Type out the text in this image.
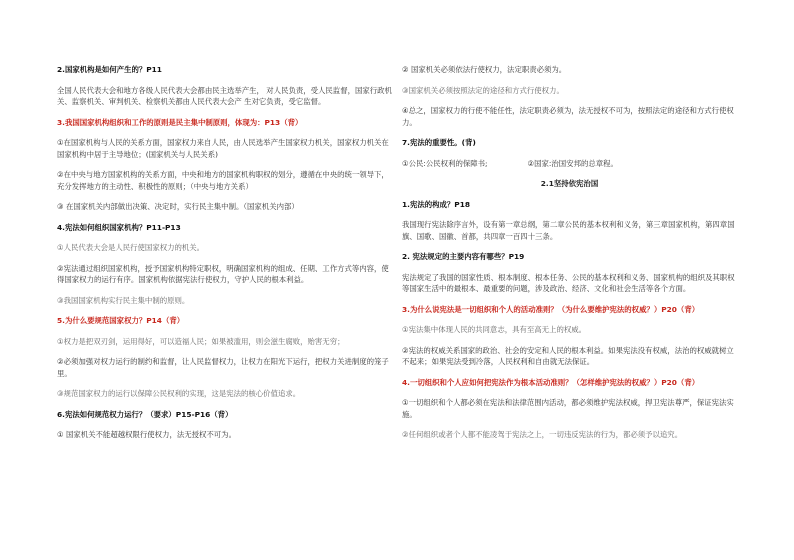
2.国家机构是如何产生的？P11
全国人民代表大会和地方各级人民代表大会都由民主选举产生， 对人民负责，受人民监督，国家行政机关、监察机关、审判机关、检察机关都由人民代表大会产 生对它负责，受它监督。
3.我国国家机构组织和工作的原则是民主集中制原则，体现为：P13（背）
①在国家机构与人民的关系方面，国家权力来自人民，由人民选举产生国家权力机关，国家权力机关在国家机构中居于主导地位；(国家机关与人民关系)
②在中央与地方国家机构的关系方面，中央和地方的国家机构职权的划分，遵循在中央的统一领导下，充分发挥地方的主动性、积极性的原则；（中央与地方关系）
③ 在国家机关内部做出决策、决定时，实行民主集中制。（国家机关内部）
4.宪法如何组织国家机构？P11-P13
①人民代表大会是人民行使国家权力的机关。
②宪法通过组织国家机构，授予国家机构特定职权，明确国家机构的组成、任期、工作方式等内容，使得国家权力的运行有序。国家机构依据宪法行使权力，守护人民的根本利益。
③我国国家机构实行民主集中制的原则。
5.为什么要规范国家权力？P14（背）
①权力是把双刃剑，运用得好，可以造福人民；如果被滥用，则会滋生腐败，贻害无穷；
②必须加强对权力运行的制约和监督，让人民监督权力，让权力在阳光下运行，把权力关进制度的笼子里。
③规范国家权力的运行以保障公民权利的实现，这是宪法的核心价值追求。
6.宪法如何规范权力运行？（要求）P15-P16（背）
① 国家机关不能超越权限行使权力，法无授权不可为。
② 国家机关必须依法行使权力，法定职责必须为。
③国家机关必须按照法定的途径和方式行使权力。
④总之，国家权力的行使不能任性，法定职责必须为，法无授权不可为，按照法定的途径和方式行使权力。
7.宪法的重要性。(背)
①公民:公民权利的保障书;	②国家:治国安邦的总章程。
2.1坚持依宪治国
1.宪法的构成？P18
我国现行宪法除序言外，设有第一章总纲，第二章公民的基本权利和义务，第三章国家机构，第四章国旗、国歌、国徽、首都，共四章一百四十三条。
2. 宪法规定的主要内容有哪些？P19
宪法规定了我国的国家性质、根本制度、根本任务、公民的基本权利和义务、国家机构的组织及其职权等国家生活中的最根本、最重要的问题，涉及政治、经济、文化和社会生活等各个方面。
3.为什么说宪法是一切组织和个人的活动准则？（为什么要维护宪法的权威？）P20（背）
①宪法集中体现人民的共同意志，具有至高无上的权威。
②宪法的权威关系国家的政治、社会的安定和人民的根本利益。如果宪法没有权威，法治的权威就树立不起来；如果宪法受到冷落，人民权利和自由就无法保证。
4.一切组织和个人应如何把宪法作为根本活动准则？（怎样维护宪法的权威？）P20（背）
①一切组织和个人都必须在宪法和法律范围内活动，都必须维护宪法权威，捍卫宪法尊严，保证宪法实施。
②任何组织或者个人都不能凌驾于宪法之上，一切违反宪法的行为，都必须予以追究。
